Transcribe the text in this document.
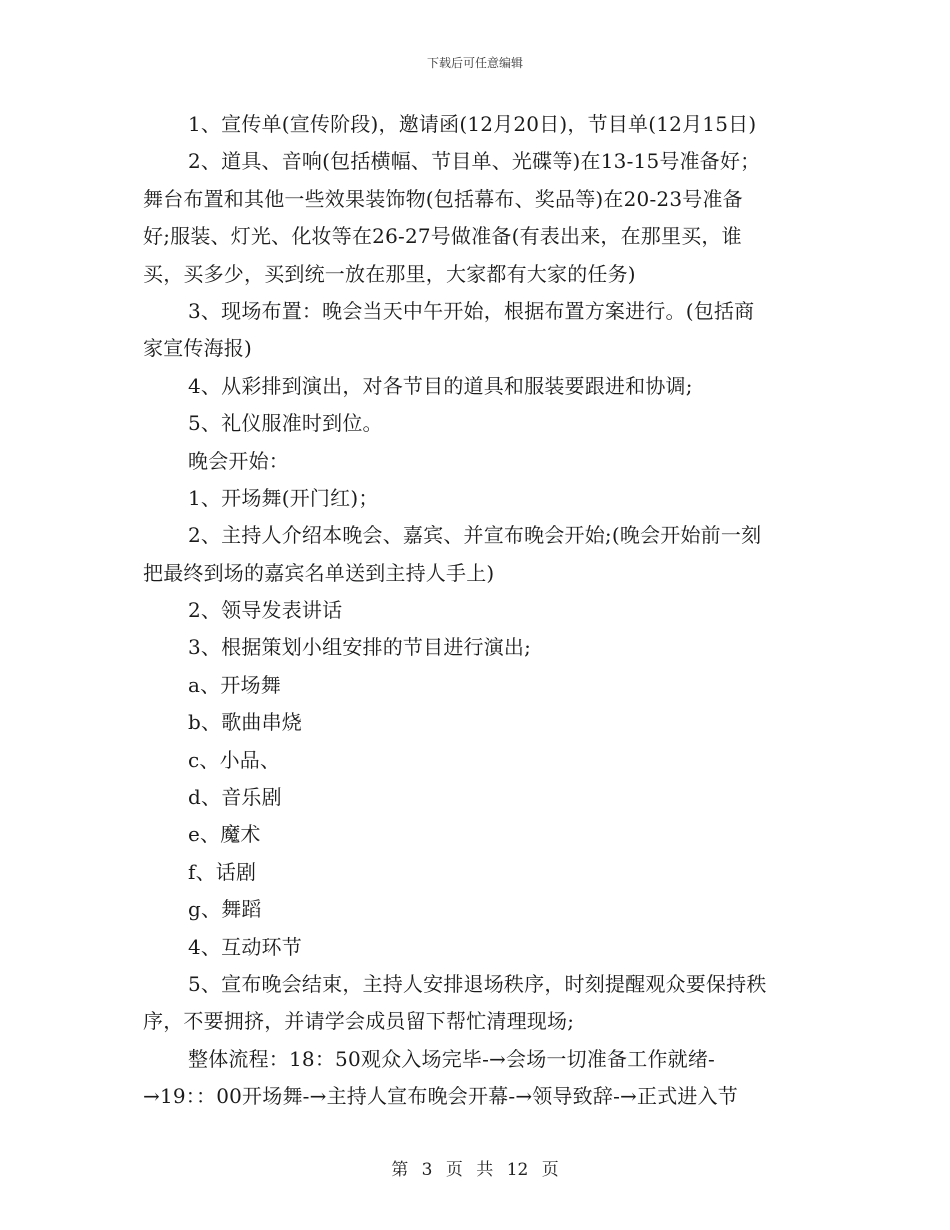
下载后可任意编辑
1、宣传单(宣传阶段)，邀请函(12月20日)，节目单(12月15日)
2、道具、音响(包括横幅、节目单、光碟等)在13-15号准备好；
舞台布置和其他一些效果装饰物(包括幕布、奖品等)在20-23号准备
好;服装、灯光、化妆等在26-27号做准备(有表出来，在那里买，谁
买，买多少，买到统一放在那里，大家都有大家的任务)
3、现场布置：晚会当天中午开始，根据布置方案进行。(包括商
家宣传海报)
4、从彩排到演出，对各节目的道具和服装要跟进和协调;
5、礼仪服准时到位。
晚会开始：
1、开场舞(开门红)；
2、主持人介绍本晚会、嘉宾、并宣布晚会开始;(晚会开始前一刻
把最终到场的嘉宾名单送到主持人手上)
2、领导发表讲话
3、根据策划小组安排的节目进行演出;
a、开场舞
b、歌曲串烧
c、小品、
d、音乐剧
e、魔术
f、话剧
g、舞蹈
4、互动环节
5、宣布晚会结束，主持人安排退场秩序，时刻提醒观众要保持秩
序，不要拥挤，并请学会成员留下帮忙清理现场;
整体流程：18：50观众入场完毕-→会场一切准备工作就绪-
→19：：00开场舞-→主持人宣布晚会开幕-→领导致辞-→正式进入节
第 3 页 共 12 页
